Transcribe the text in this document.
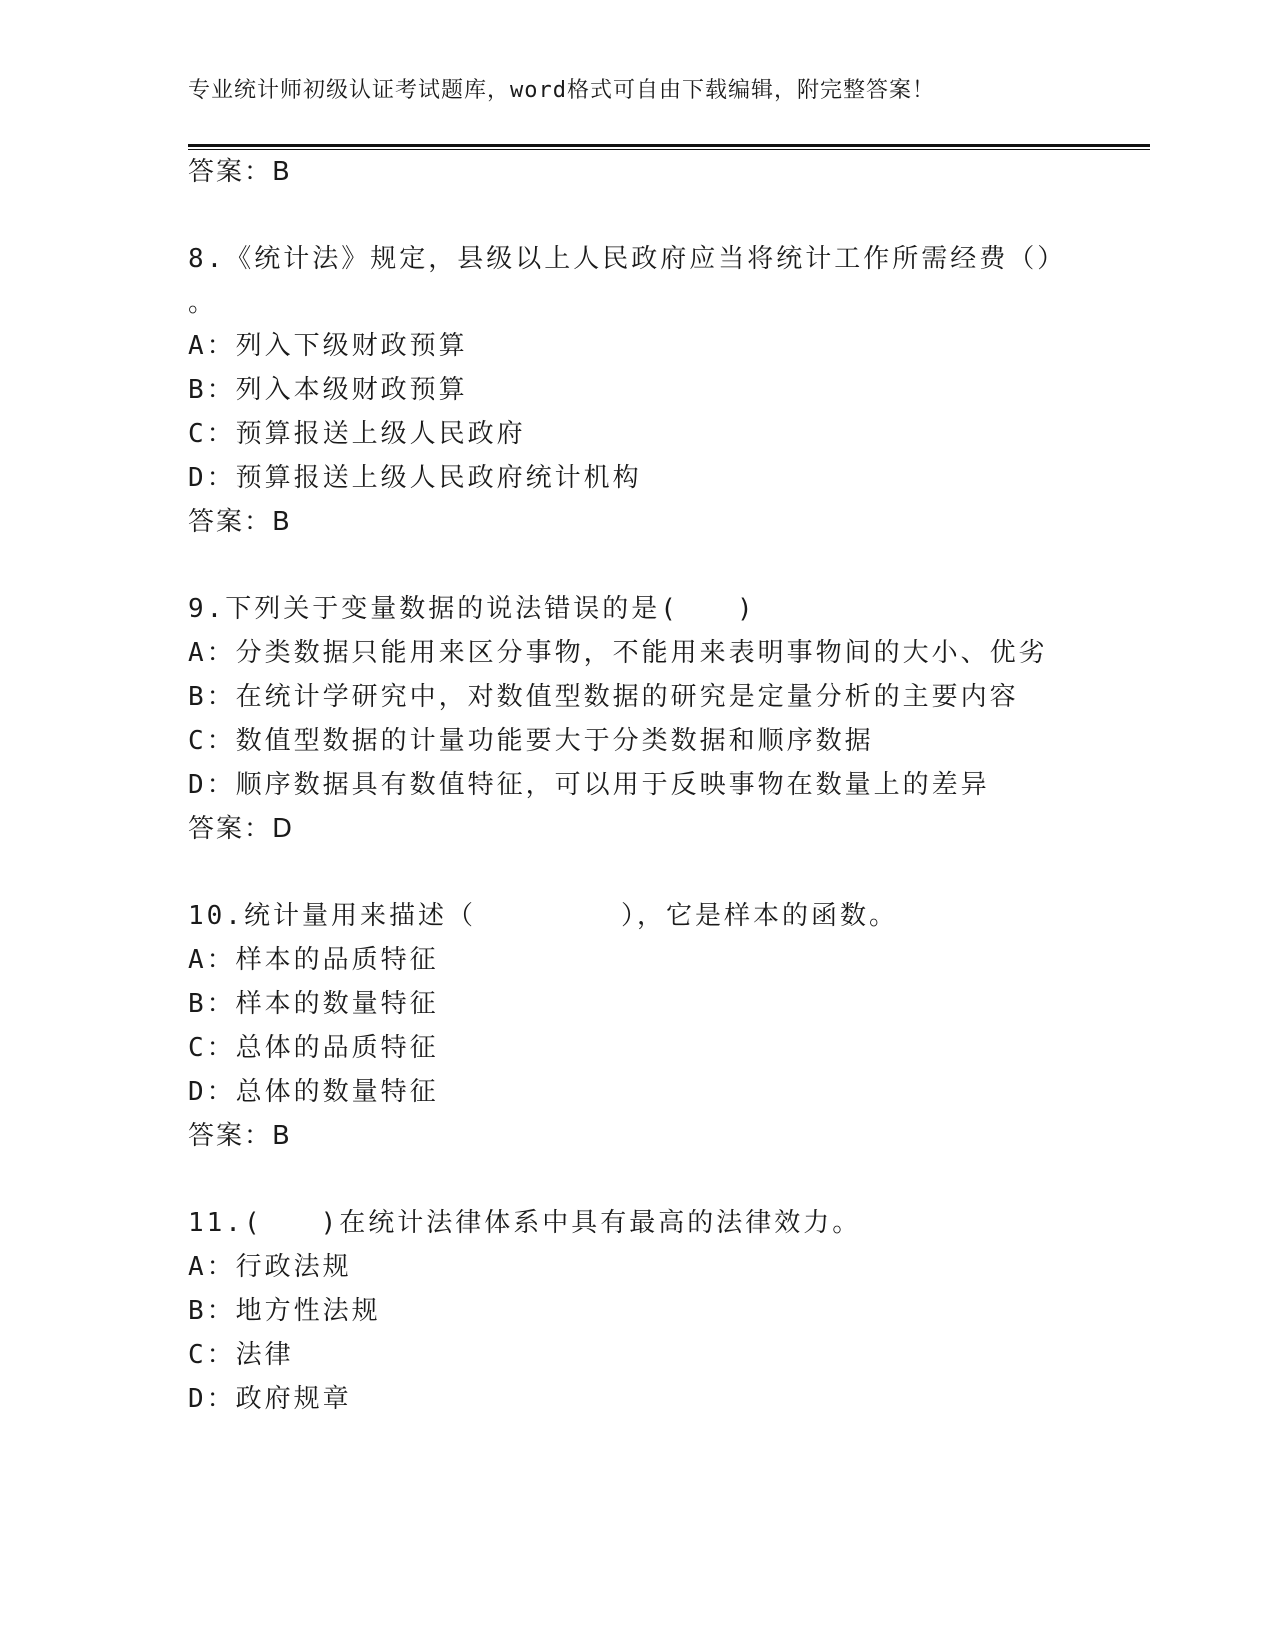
专业统计师初级认证考试题库，word格式可自由下载编辑，附完整答案！
答案：B
8.《统计法》规定，县级以上人民政府应当将统计工作所需经费（）
。
A：列入下级财政预算
B：列入本级财政预算
C：预算报送上级人民政府
D：预算报送上级人民政府统计机构
答案：B
9.下列关于变量数据的说法错误的是(　　)
A：分类数据只能用来区分事物，不能用来表明事物间的大小、优劣
B：在统计学研究中，对数值型数据的研究是定量分析的主要内容
C：数值型数据的计量功能要大于分类数据和顺序数据
D：顺序数据具有数值特征，可以用于反映事物在数量上的差异
答案：D
10.统计量用来描述（　　　　　），它是样本的函数。
A：样本的品质特征
B：样本的数量特征
C：总体的品质特征
D：总体的数量特征
答案：B
11.(　　)在统计法律体系中具有最高的法律效力。
A：行政法规
B：地方性法规
C：法律
D：政府规章
